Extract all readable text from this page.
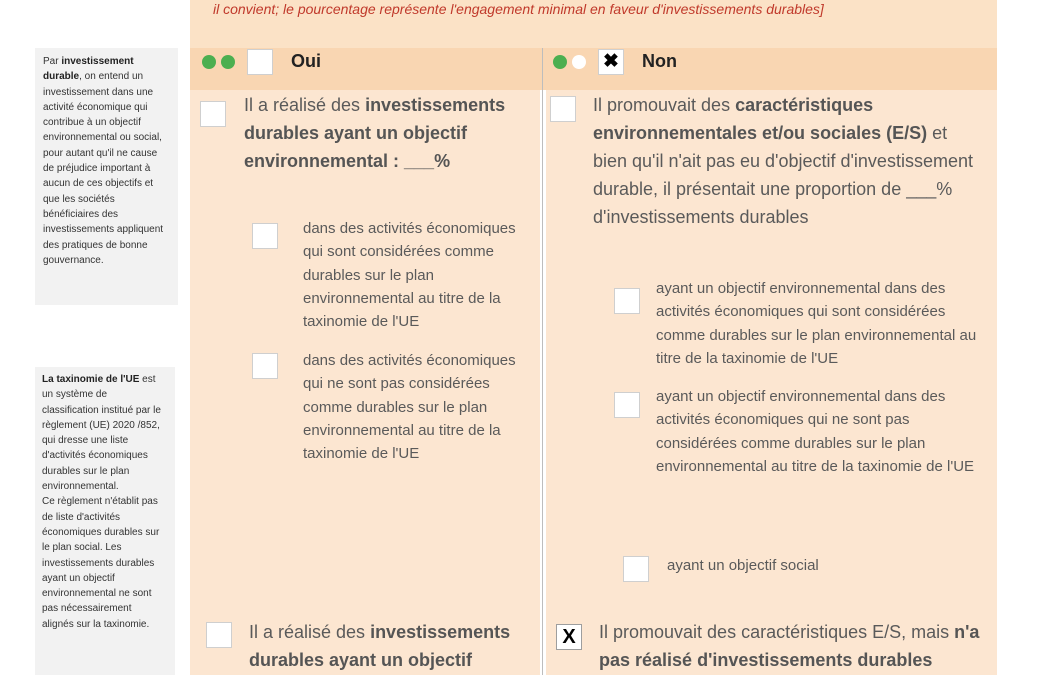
il convient; le pourcentage représente l'engagement minimal en faveur d'investissements durables]
Oui	✖ Non
Par investissement durable, on entend un investissement dans une activité économique qui contribue à un objectif environnemental ou social, pour autant qu'il ne cause de préjudice important à aucun de ces objectifs et que les sociétés bénéficiaires des investissements appliquent des pratiques de bonne gouvernance.
La taxinomie de l'UE est un système de classification institué par le règlement (UE) 2020 /852, qui dresse une liste d'activités économiques durables sur le plan environnemental.
Ce règlement n'établit pas de liste d'activités économiques durables sur le plan social. Les investissements durables ayant un objectif environnemental ne sont pas nécessairement alignés sur la taxinomie.
Il a réalisé des investissements durables ayant un objectif environnemental : ___%
dans des activités économiques qui sont considérées comme durables sur le plan environnemental au titre de la taxinomie de l'UE
dans des activités économiques qui ne sont pas considérées comme durables sur le plan environnemental au titre de la taxinomie de l'UE
Il a réalisé des investissements durables ayant un objectif
Il promouvait des caractéristiques environnementales et/ou sociales (E/S) et bien qu'il n'ait pas eu d'objectif d'investissement durable, il présentait une proportion de ___% d'investissements durables
ayant un objectif environnemental dans des activités économiques qui sont considérées comme durables sur le plan environnemental au titre de la taxinomie de l'UE
ayant un objectif environnemental dans des activités économiques qui ne sont pas considérées comme durables sur le plan environnemental au titre de la taxinomie de l'UE
ayant un objectif social
X	Il promouvait des caractéristiques E/S, mais n'a pas réalisé d'investissements durables
